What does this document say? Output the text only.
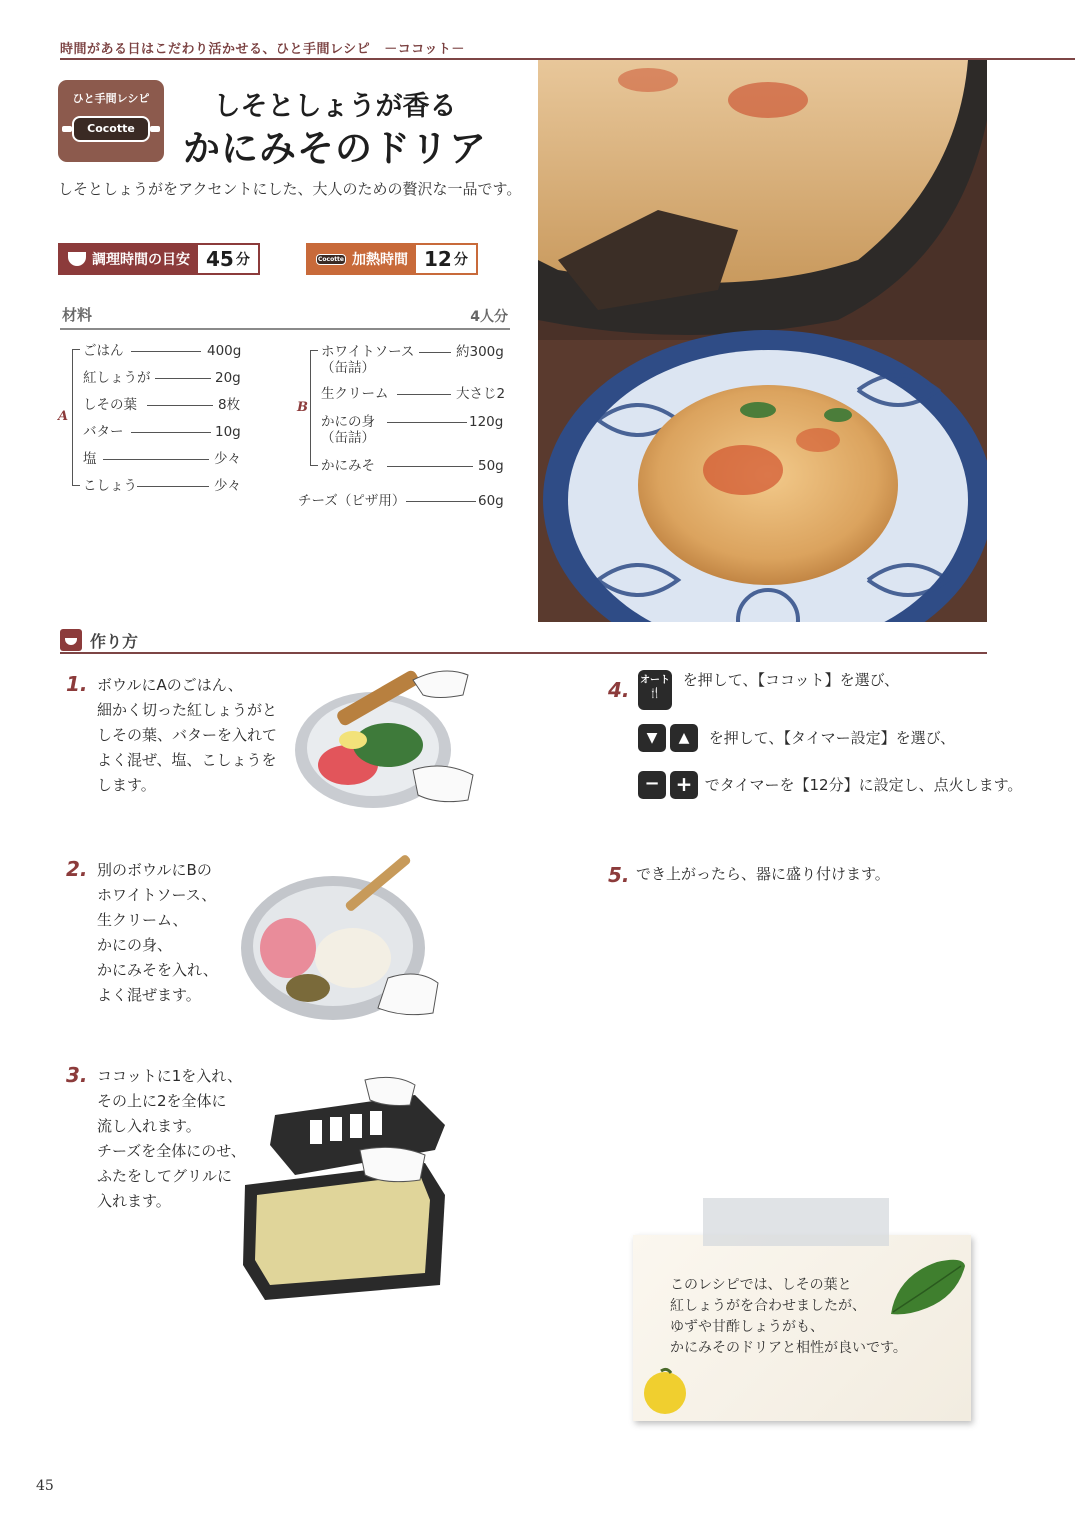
時間がある日はこだわり活かせる、ひと手間レシピ －ココット－
ひと手間レシピ
Cocotte
しそとしょうが香る
かにみそのドリア
しそとしょうがをアクセントにした、大人のための贅沢な一品です。
調理時間の目安 45 分	Cocotte 加熱時間 12 分
材料	4人分
A
ごはん	400g
紅しょうが	20g
しその葉	8枚
バター	10g
塩	少々
こしょう	少々
B
ホワイトソース	約300g
（缶詰）
生クリーム	大さじ2
かにの身	120g
（缶詰）
かにみそ	50g
チーズ（ピザ用）	60g
作り方
1. ボウルにAのごはん、
細かく切った紅しょうがと
しその葉、バターを入れて
よく混ぜ、塩、こしょうを
します。
2. 別のボウルにBの
ホワイトソース、
生クリーム、
かにの身、
かにみそを入れ、
よく混ぜます。
3. ココットに1を入れ、
その上に2を全体に
流し入れます。
チーズを全体にのせ、
ふたをしてグリルに
入れます。
4. オート
🍴 を押して、【ココット】を選び、
▼ ▲ を押して、【タイマー設定】を選び、
− + でタイマーを【12分】に設定し、点火します。
5. でき上がったら、器に盛り付けます。
このレシピでは、しその葉と
紅しょうがを合わせましたが、
ゆずや甘酢しょうがも、
かにみそのドリアと相性が良いです。
45
